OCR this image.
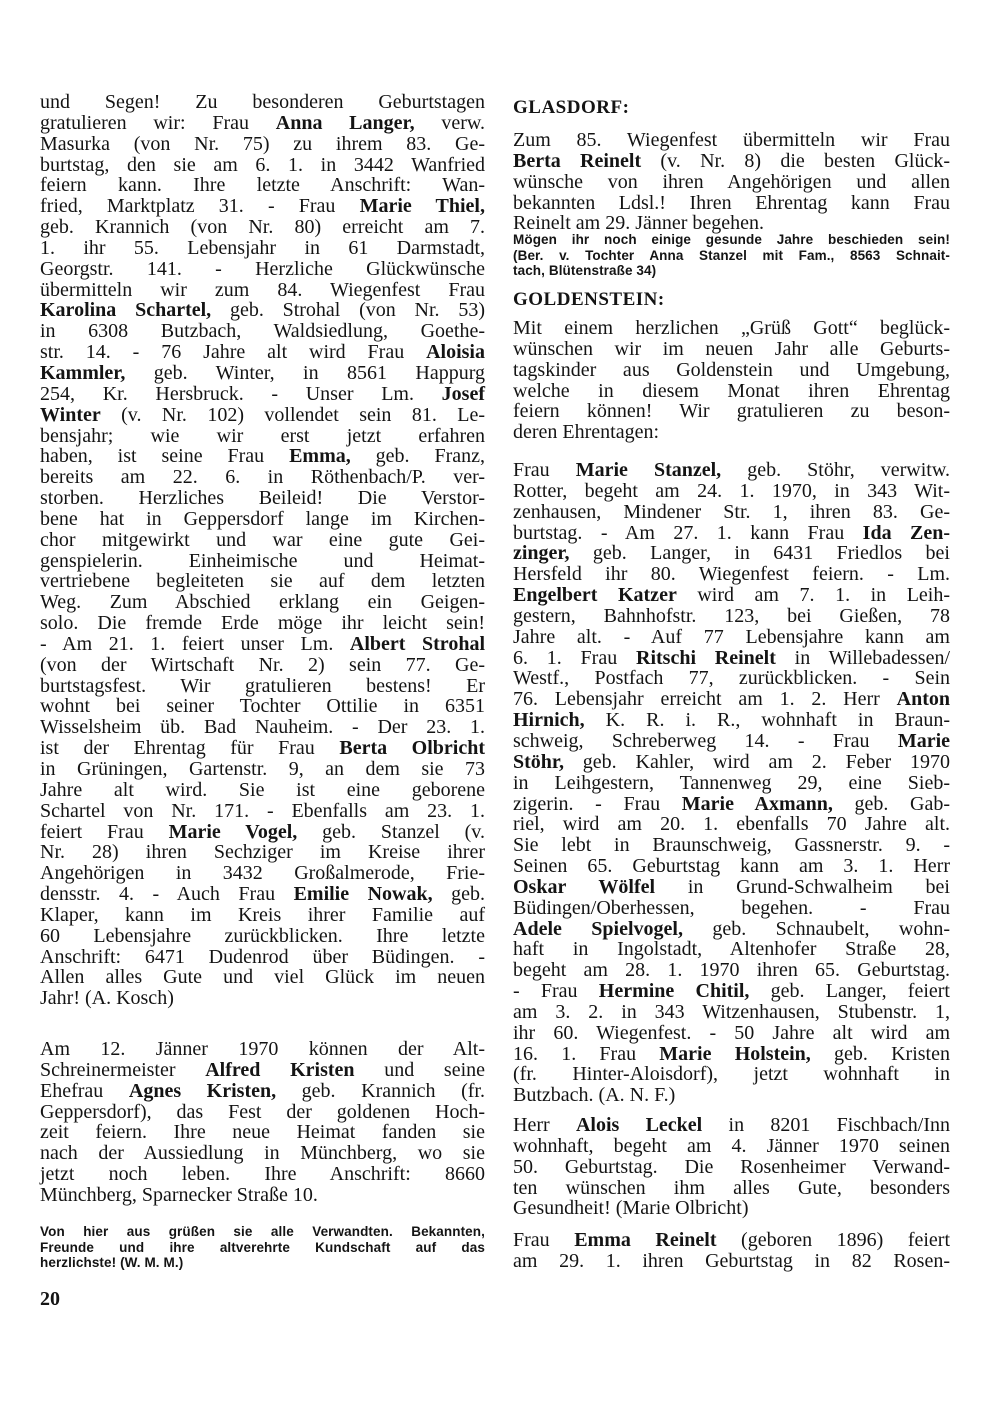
und Segen! Zu besonderen Geburtstagen
gratulieren wir: Frau Anna Langer, verw.
Masurka (von Nr. 75) zu ihrem 83. Ge-
burtstag, den sie am 6. 1. in 3442 Wanfried
feiern kann. Ihre letzte Anschrift: Wan-
fried, Marktplatz 31. - Frau Marie Thiel,
geb. Krannich (von Nr. 80) erreicht am 7.
1. ihr 55. Lebensjahr in 61 Darmstadt,
Georgstr. 141. - Herzliche Glückwünsche
übermitteln wir zum 84. Wiegenfest Frau
Karolina Schartel, geb. Strohal (von Nr. 53)
in 6308 Butzbach, Waldsiedlung, Goethe-
str. 14. - 76 Jahre alt wird Frau Aloisia
Kammler, geb. Winter, in 8561 Happurg
254, Kr. Hersbruck. - Unser Lm. Josef
Winter (v. Nr. 102) vollendet sein 81. Le-
bensjahr; wie wir erst jetzt erfahren
haben, ist seine Frau Emma, geb. Franz,
bereits am 22. 6. in Röthenbach/P. ver-
storben. Herzliches Beileid! Die Verstor-
bene hat in Geppersdorf lange im Kirchen-
chor mitgewirkt und war eine gute Gei-
genspielerin. Einheimische und Heimat-
vertriebene begleiteten sie auf dem letzten
Weg. Zum Abschied erklang ein Geigen-
solo. Die fremde Erde möge ihr leicht sein!
- Am 21. 1. feiert unser Lm. Albert Strohal
(von der Wirtschaft Nr. 2) sein 77. Ge-
burtstagsfest. Wir gratulieren bestens! Er
wohnt bei seiner Tochter Ottilie in 6351
Wisselsheim üb. Bad Nauheim. - Der 23. 1.
ist der Ehrentag für Frau Berta Olbricht
in Grüningen, Gartenstr. 9, an dem sie 73
Jahre alt wird. Sie ist eine geborene
Schartel von Nr. 171. - Ebenfalls am 23. 1.
feiert Frau Marie Vogel, geb. Stanzel (v.
Nr. 28) ihren Sechziger im Kreise ihrer
Angehörigen in 3432 Großalmerode, Frie-
densstr. 4. - Auch Frau Emilie Nowak, geb.
Klaper, kann im Kreis ihrer Familie auf
60 Lebensjahre zurückblicken. Ihre letzte
Anschrift: 6471 Dudenrod über Büdingen. -
Allen alles Gute und viel Glück im neuen
Jahr! (A. Kosch)
Am 12. Jänner 1970 können der Alt-
Schreinermeister Alfred Kristen und seine
Ehefrau Agnes Kristen, geb. Krannich (fr.
Geppersdorf), das Fest der goldenen Hoch-
zeit feiern. Ihre neue Heimat fanden sie
nach der Aussiedlung in Münchberg, wo sie
jetzt noch leben. Ihre Anschrift: 8660
Münchberg, Sparnecker Straße 10.
Von hier aus grüßen sie alle Verwandten. Bekannten,
Freunde und ihre altverehrte Kundschaft auf das
herzlichste! (W. M. M.)
20
GLASDORF:
Zum 85. Wiegenfest übermitteln wir Frau
Berta Reinelt (v. Nr. 8) die besten Glück-
wünsche von ihren Angehörigen und allen
bekannten Ldsl.! Ihren Ehrentag kann Frau
Reinelt am 29. Jänner begehen.
Mögen ihr noch einige gesunde Jahre beschieden sein!
(Ber. v. Tochter Anna Stanzel mit Fam., 8563 Schnait-
tach, Blütenstraße 34)
GOLDENSTEIN:
Mit einem herzlichen „Grüß Gott“ beglück-
wünschen wir im neuen Jahr alle Geburts-
tagskinder aus Goldenstein und Umgebung,
welche in diesem Monat ihren Ehrentag
feiern können! Wir gratulieren zu beson-
deren Ehrentagen:
Frau Marie Stanzel, geb. Stöhr, verwitw.
Rotter, begeht am 24. 1. 1970, in 343 Wit-
zenhausen, Mindener Str. 1, ihren 83. Ge-
burtstag. - Am 27. 1. kann Frau Ida Zen-
zinger, geb. Langer, in 6431 Friedlos bei
Hersfeld ihr 80. Wiegenfest feiern. - Lm.
Engelbert Katzer wird am 7. 1. in Leih-
gestern, Bahnhofstr. 123, bei Gießen, 78
Jahre alt. - Auf 77 Lebensjahre kann am
6. 1. Frau Ritschi Reinelt in Willebadessen/
Westf., Postfach 77, zurückblicken. - Sein
76. Lebensjahr erreicht am 1. 2. Herr Anton
Hirnich, K. R. i. R., wohnhaft in Braun-
schweig, Schreberweg 14. - Frau Marie
Stöhr, geb. Kahler, wird am 2. Feber 1970
in Leihgestern, Tannenweg 29, eine Sieb-
zigerin. - Frau Marie Axmann, geb. Gab-
riel, wird am 20. 1. ebenfalls 70 Jahre alt.
Sie lebt in Braunschweig, Gassnerstr. 9. -
Seinen 65. Geburtstag kann am 3. 1. Herr
Oskar Wölfel in Grund-Schwalheim bei
Büdingen/Oberhessen, begehen. - Frau
Adele Spielvogel, geb. Schnaubelt, wohn-
haft in Ingolstadt, Altenhofer Straße 28,
begeht am 28. 1. 1970 ihren 65. Geburtstag.
- Frau Hermine Chitil, geb. Langer, feiert
am 3. 2. in 343 Witzenhausen, Stubenstr. 1,
ihr 60. Wiegenfest. - 50 Jahre alt wird am
16. 1. Frau Marie Holstein, geb. Kristen
(fr. Hinter-Aloisdorf), jetzt wohnhaft in
Butzbach. (A. N. F.)
Herr Alois Leckel in 8201 Fischbach/Inn
wohnhaft, begeht am 4. Jänner 1970 seinen
50. Geburtstag. Die Rosenheimer Verwand-
ten wünschen ihm alles Gute, besonders
Gesundheit! (Marie Olbricht)
Frau Emma Reinelt (geboren 1896) feiert
am 29. 1. ihren Geburtstag in 82 Rosen-
